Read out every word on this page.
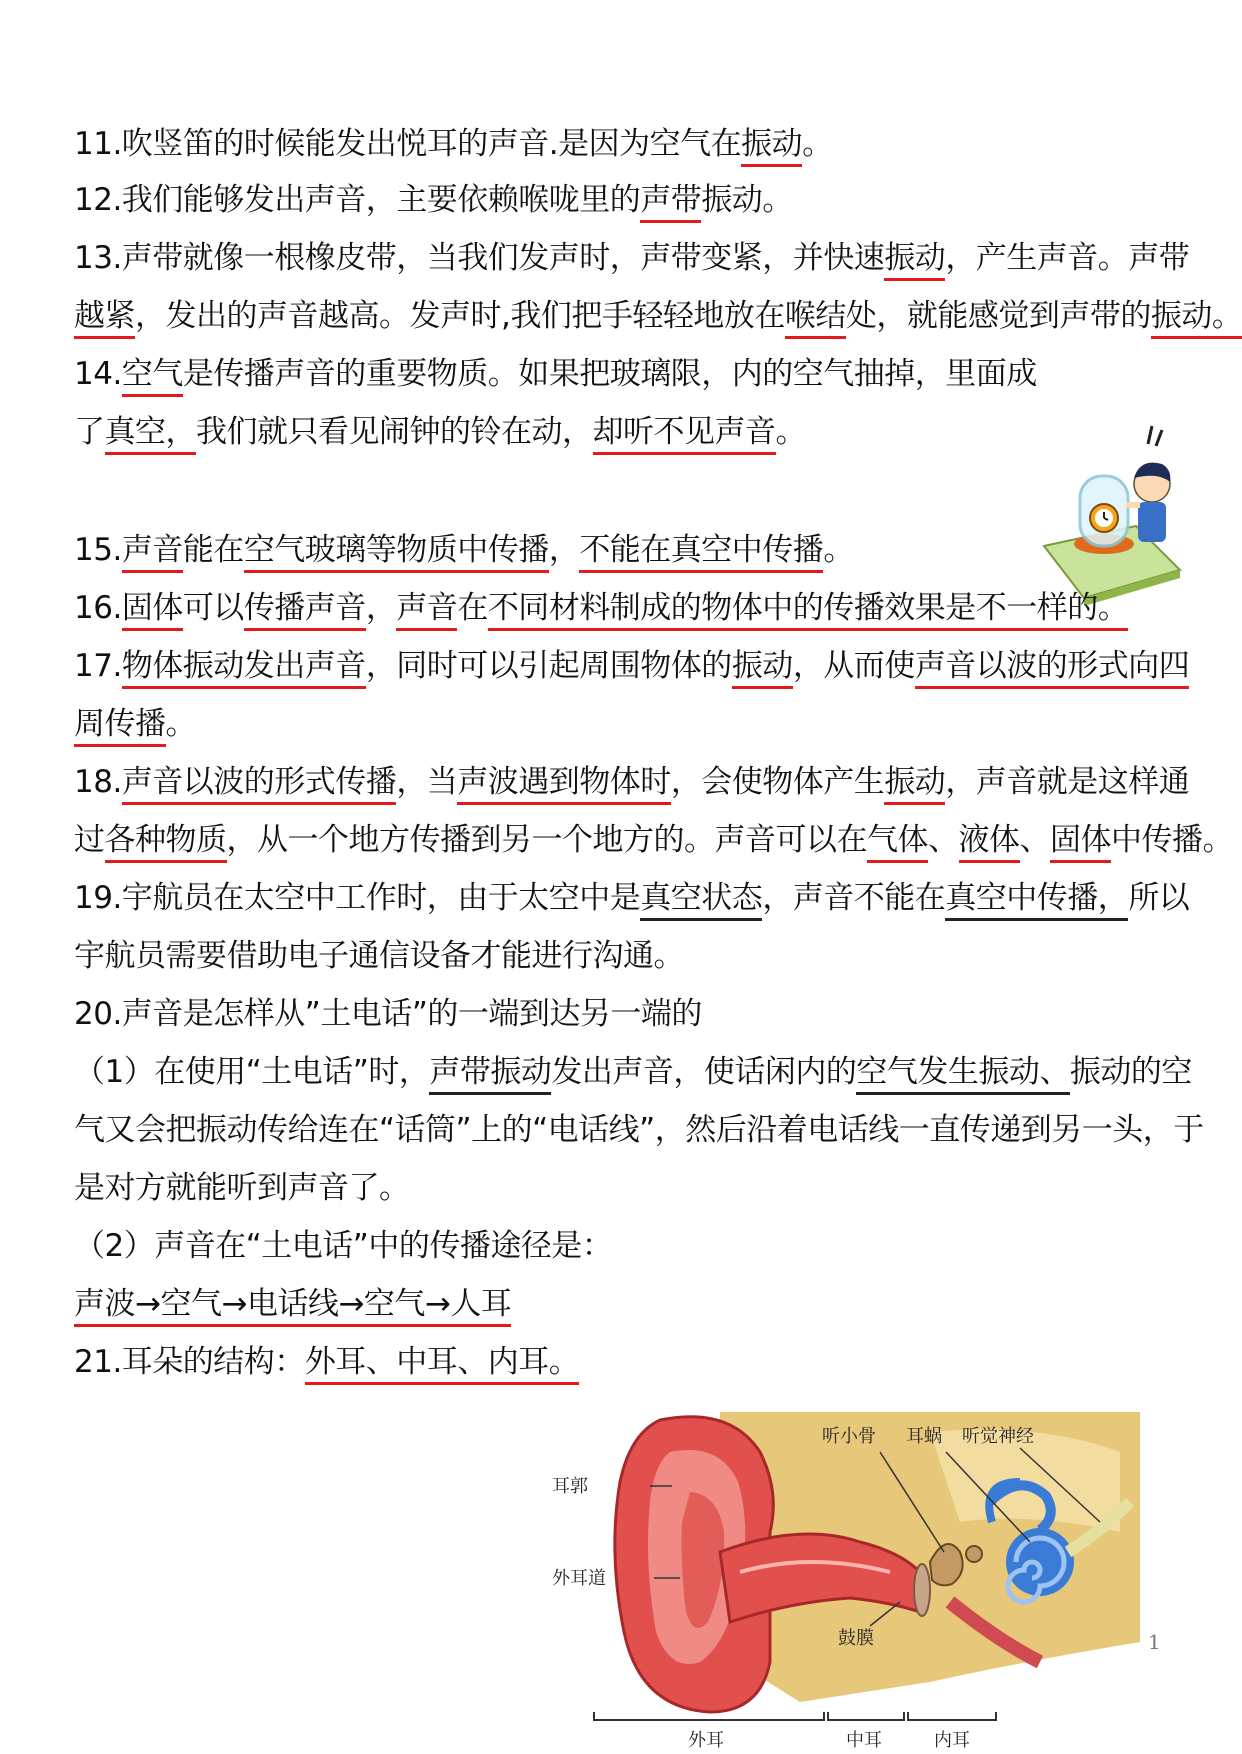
11.吹竖笛的时候能发出悦耳的声音.是因为空气在振动。
12.我们能够发出声音，主要依赖喉咙里的声带振动。
13.声带就像一根橡皮带，当我们发声时，声带变紧，并快速振动，产生声音。声带
越紧，发出的声音越高。发声时,我们把手轻轻地放在喉结处，就能感觉到声带的振动。
14.空气是传播声音的重要物质。如果把玻璃限，内的空气抽掉，里面成
了真空，我们就只看见闹钟的铃在动，却听不见声音。
15.声音能在空气玻璃等物质中传播，不能在真空中传播。
16.固体可以传播声音，声音在不同材料制成的物体中的传播效果是不一样的。
17.物体振动发出声音，同时可以引起周围物体的振动，从而使声音以波的形式向四
周传播。
18.声音以波的形式传播，当声波遇到物体时，会使物体产生振动，声音就是这样通
过各种物质，从一个地方传播到另一个地方的。声音可以在气体、液体、固体中传播。
19.宇航员在太空中工作时，由于太空中是真空状态，声音不能在真空中传播，所以
宇航员需要借助电子通信设备才能进行沟通。
20.声音是怎样从”土电话”的一端到达另一端的
（1）在使用“土电话”时，声带振动发出声音，使话闲内的空气发生振动、振动的空
气又会把振动传给连在“话筒”上的“电话线”，然后沿着电话线一直传递到另一头，于
是对方就能听到声音了。
（2）声音在“土电话”中的传播途径是：
声波→空气→电话线→空气→人耳
21.耳朵的结构：外耳、中耳、内耳。
听小骨 耳蜗 听觉神经
耳郭
外耳道
鼓膜
外耳	中耳	内耳
1
